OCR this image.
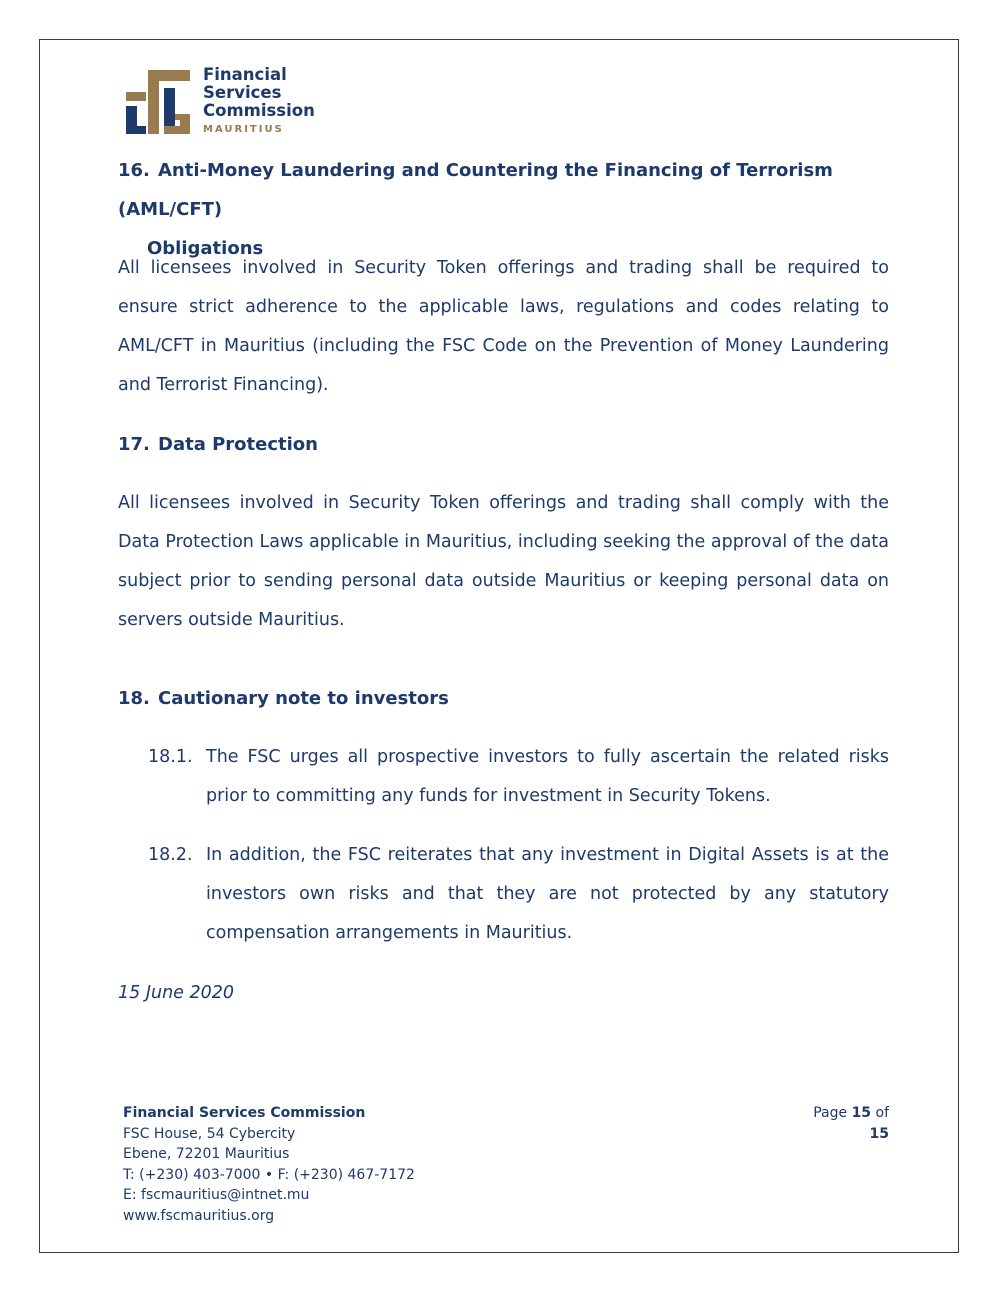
Financial
Services
Commission
MAURITIUS
16. Anti-Money Laundering and Countering the Financing of Terrorism (AML/CFT)
Obligations

All licensees involved in Security Token offerings and trading shall be required to ensure strict adherence to the applicable laws, regulations and codes relating to AML/CFT in Mauritius (including the FSC Code on the Prevention of Money Laundering and Terrorist Financing).

17. Data Protection

All licensees involved in Security Token offerings and trading shall comply with the Data Protection Laws applicable in Mauritius, including seeking the approval of the data subject prior to sending personal data outside Mauritius or keeping personal data on servers outside Mauritius.

18. Cautionary note to investors
18.1. The FSC urges all prospective investors to fully ascertain the related risks prior to committing any funds for investment in Security Tokens.
18.2. In addition, the FSC reiterates that any investment in Digital Assets is at the investors own risks and that they are not protected by any statutory compensation arrangements in Mauritius.
15 June 2020
Financial Services Commission
FSC House, 54 Cybercity
Ebene, 72201 Mauritius
T: (+230) 403-7000 • F: (+230) 467-7172
E: fscmauritius@intnet.mu
www.fscmauritius.org
Page 15 of 15
